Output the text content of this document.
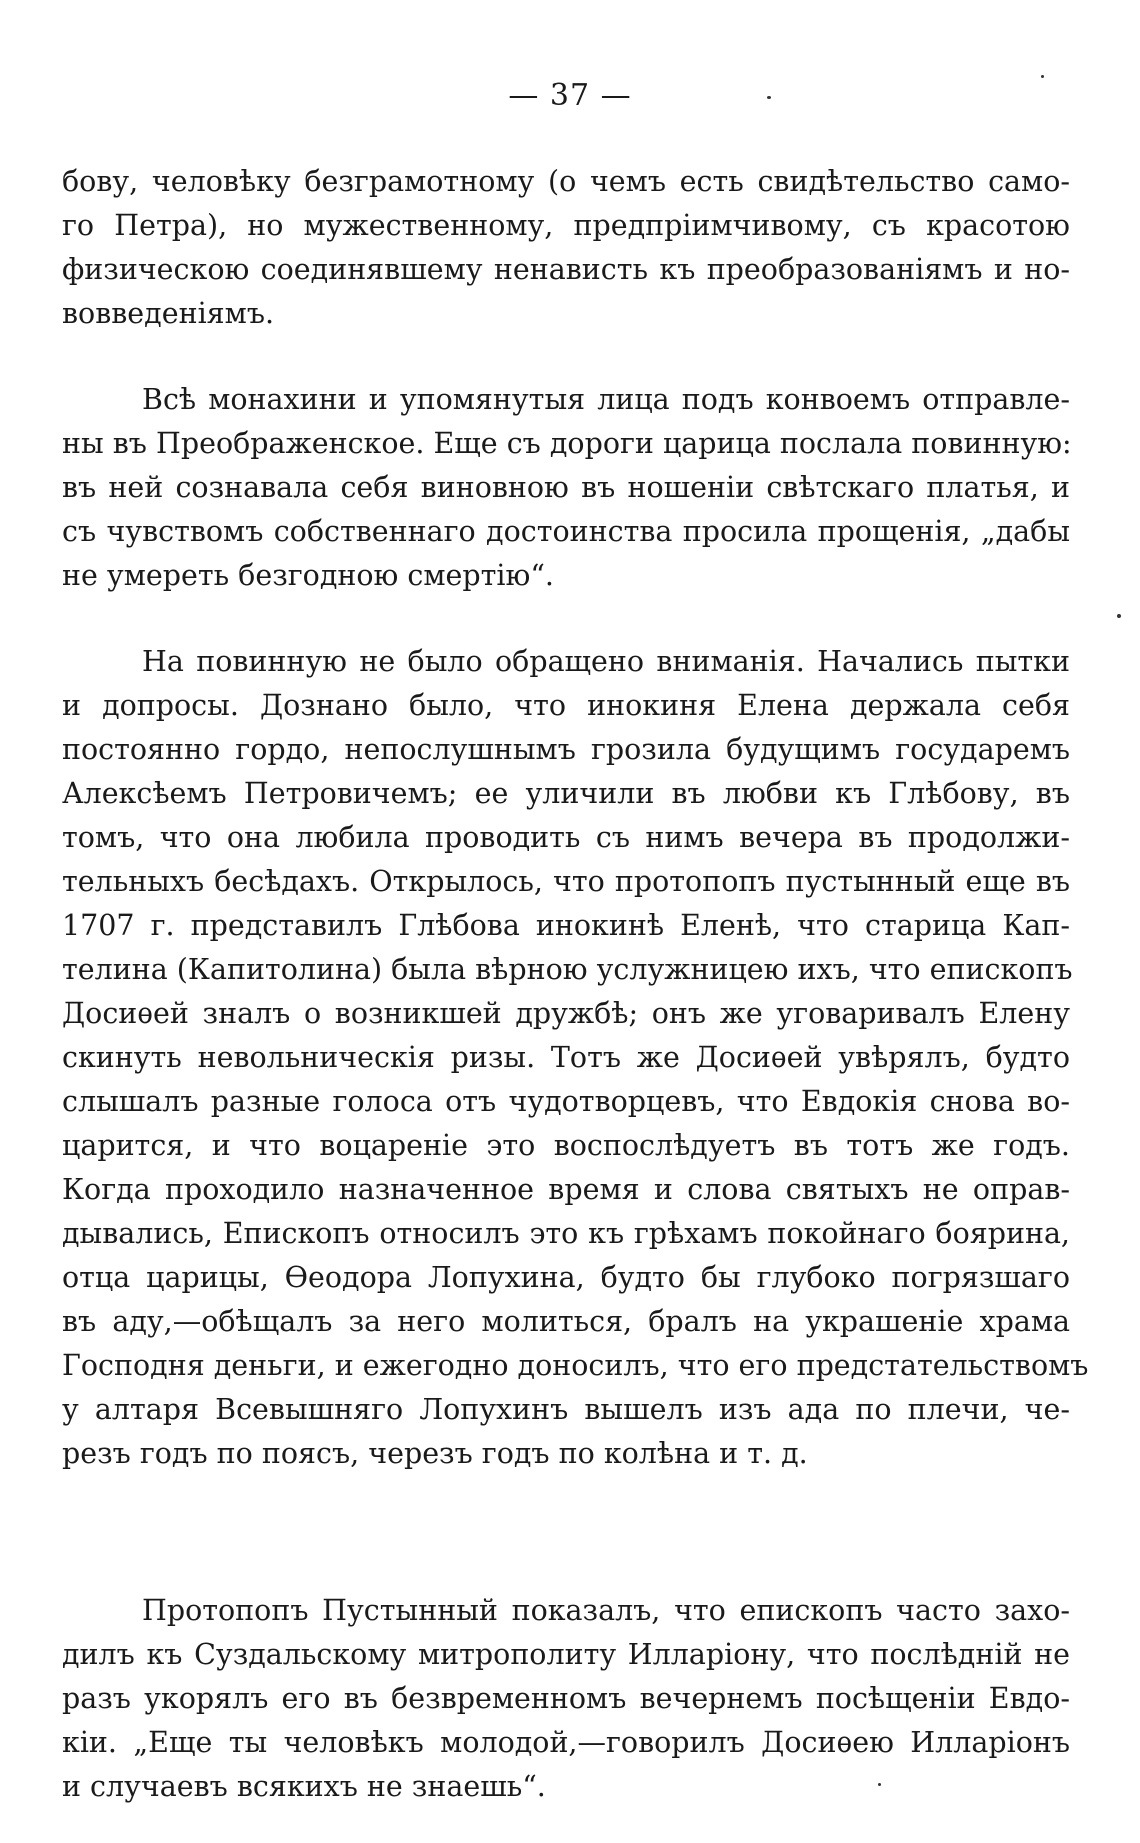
— 37 —
бову, человѣку безграмотному (о чемъ есть свидѣтельство само-
го Петра), но мужественному, предпріимчивому, съ красотою
физическою соединявшему ненависть къ преобразованіямъ и но-
вовведеніямъ.
Всѣ монахини и упомянутыя лица подъ конвоемъ отправле-
ны въ Преображенское. Еще съ дороги царица послала повинную:
въ ней сознавала себя виновною въ ношеніи свѣтскаго платья, и
съ чувствомъ собственнаго достоинства просила прощенія, „дабы
не умереть безгодною смертію“.
На повинную не было обращено вниманія. Начались пытки
и допросы. Дознано было, что инокиня Елена держала себя
постоянно гордо, непослушнымъ грозила будущимъ государемъ
Алексѣемъ Петровичемъ; ее уличили въ любви къ Глѣбову, въ
томъ, что она любила проводить съ нимъ вечера въ продолжи-
тельныхъ бесѣдахъ. Открылось, что протопопъ пустынный еще въ
1707 г. представилъ Глѣбова инокинѣ Еленѣ, что старица Кап-
телина (Капитолина) была вѣрною услужницею ихъ, что епископъ
Досиѳей зналъ о возникшей дружбѣ; онъ же уговаривалъ Елену
скинуть невольническія ризы. Тотъ же Досиѳей увѣрялъ, будто
слышалъ разные голоса отъ чудотворцевъ, что Евдокія снова во-
царится, и что воцареніе это воспослѣдуетъ въ тотъ же годъ.
Когда проходило назначенное время и слова святыхъ не оправ-
дывались, Епископъ относилъ это къ грѣхамъ покойнаго боярина,
отца царицы, Ѳеодора Лопухина, будто бы глубоко погрязшаго
въ аду,—обѣщалъ за него молиться, бралъ на украшеніе храма
Господня деньги, и ежегодно доносилъ, что его предстательствомъ
у алтаря Всевышняго Лопухинъ вышелъ изъ ада по плечи, че-
резъ годъ по поясъ, черезъ годъ по колѣна и т. д.
Протопопъ Пустынный показалъ, что епископъ часто захо-
дилъ къ Суздальскому митрополиту Илларіону, что послѣдній не
разъ укорялъ его въ безвременномъ вечернемъ посѣщеніи Евдо-
кіи. „Еще ты человѣкъ молодой,—говорилъ Досиѳею Илларіонъ
и случаевъ всякихъ не знаешь“.
